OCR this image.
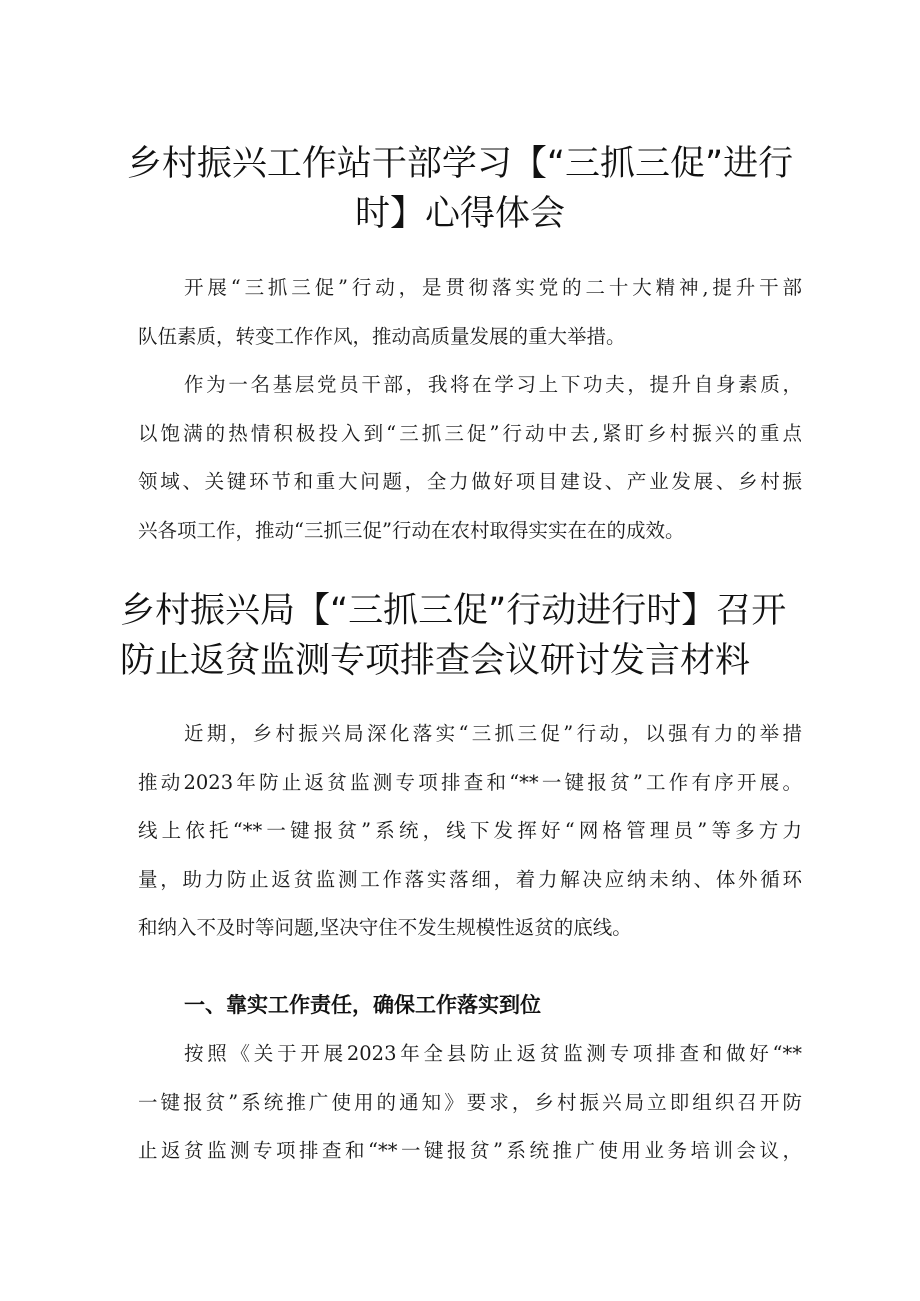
乡村振兴工作站干部学习【“三抓三促”进行
时】心得体会
开展“三抓三促”行动，是贯彻落实党的二十大精神,提升干部
队伍素质，转变工作作风，推动高质量发展的重大举措。
作为一名基层党员干部，我将在学习上下功夫，提升自身素质，
以饱满的热情积极投入到“三抓三促”行动中去,紧盯乡村振兴的重点
领域、关键环节和重大问题，全力做好项目建设、产业发展、乡村振
兴各项工作，推动“三抓三促”行动在农村取得实实在在的成效。
乡村振兴局【“三抓三促”行动进行时】召开
防止返贫监测专项排查会议研讨发言材料
近期，乡村振兴局深化落实“三抓三促”行动，以强有力的举措
推动2023年防止返贫监测专项排查和“**一键报贫”工作有序开展。
线上依托“**一键报贫”系统，线下发挥好“网格管理员”等多方力
量，助力防止返贫监测工作落实落细，着力解决应纳未纳、体外循环
和纳入不及时等问题,坚决守住不发生规模性返贫的底线。
一、靠实工作责任，确保工作落实到位
按照《关于开展2023年全县防止返贫监测专项排查和做好“**
一键报贫”系统推广使用的通知》要求，乡村振兴局立即组织召开防
止返贫监测专项排查和“**一键报贫”系统推广使用业务培训会议，
